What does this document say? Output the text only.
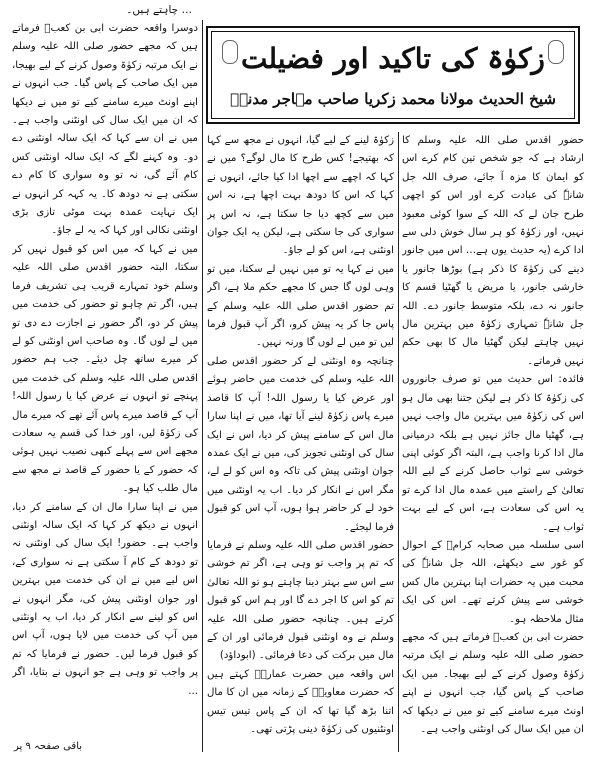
… چاہتے ہیں۔
زکوٰۃ کی تاکید اور فضیلت
شیخ الحدیث مولانا محمد زکریا صاحب مہاجر مدنیؒ

حضور اقدس صلی اللہ علیہ وسلم کا ارشاد ہے کہ جو شخص تین کام کرے اس کو ایمان کا مزہ آ جائے، صرف اللہ جل شانہٗ کی عبادت کرے اور اس کو اچھی طرح جان لے کہ اللہ کے سوا کوئی معبود نہیں، اور زکوٰۃ کو ہر سال خوش دلی سے ادا کرے (یہ حدیث یوں ہے… اس میں جانور دینے کی زکوٰۃ کا ذکر ہے) بوڑھا جانور یا خارشی جانور، یا مریض یا گھٹیا قسم کا جانور نہ دے، بلکہ متوسط جانور دے۔ اللہ جل شانہٗ تمہاری زکوٰۃ میں بہترین مال نہیں چاہتے لیکن گھٹیا مال کا بھی حکم نہیں فرماتے۔

فائدہ: اس حدیث میں تو صرف جانوروں کی زکوٰۃ کا ذکر ہے لیکن جتنا بھی مال ہو اس کی زکوٰۃ میں بہترین مال واجب نہیں ہے، گھٹیا مال جائز نہیں ہے بلکہ درمیانی مال ادا کرنا واجب ہے، البتہ اگر کوئی اپنی خوشی سے ثواب حاصل کرنے کے لیے اللہ تعالیٰ کے راستے میں عمدہ مال ادا کرے تو یہ اس کی سعادت ہے، اس کے لیے بہت ثواب ہے۔

اسی سلسلہ میں صحابہ کرامؓ کے احوال کو غور سے دیکھئے، اللہ جل شانہٗ کی محبت میں یہ حضرات اپنا بہترین مال کس خوشی سے پیش کرتے تھے۔ اس کی ایک مثال ملاحظہ ہو۔

حضرت ابی بن کعبؓ فرماتے ہیں کہ مجھے حضور صلی اللہ علیہ وسلم نے ایک مرتبہ زکوٰۃ وصول کرنے کے لیے بھیجا۔ میں ایک صاحب کے پاس گیا، جب انہوں نے اپنے اونٹ میرے سامنے کیے تو میں نے دیکھا کہ ان میں ایک سال کی اونٹنی واجب ہے۔

زکوٰۃ لینے کے لیے گیا، انہوں نے مجھ سے کہا کہ بھتیجے! کس طرح کا مال لوگے؟ میں نے کہا کہ اچھے سے اچھا ادا کیا جائے، انہوں نے کہا کہ اس کا دودھ بہت اچھا ہے، نہ اس میں سے کچھ دیا جا سکتا ہے، نہ اس پر سواری کی جا سکتی ہے، لیکن یہ ایک جوان اونٹنی ہے، اس کو لے جاؤ۔

میں نے کہا یہ تو میں نہیں لے سکتا، میں تو وہی لوں گا جس کا مجھے حکم ملا ہے، اگر تم حضور اقدس صلی اللہ علیہ وسلم کے پاس جا کر یہ پیش کرو، اگر آپ قبول فرما لیں تو میں لے لوں گا ورنہ نہیں۔

چنانچہ وہ اونٹنی لے کر حضور اقدس صلی اللہ علیہ وسلم کی خدمت میں حاضر ہوئے اور عرض کیا یا رسول اللہ! آپ کا قاصد میرے پاس زکوٰۃ لینے آیا تھا، میں نے اپنا سارا مال اس کے سامنے پیش کر دیا، اس نے ایک سال کی اونٹنی تجویز کی، میں نے ایک عمدہ جوان اونٹنی پیش کی تاکہ وہ اس کو لے لے، مگر اس نے انکار کر دیا۔ اب یہ اونٹنی میں خود لے کر حاضر ہوا ہوں، آپ اس کو قبول فرما لیجئے۔

حضور اقدس صلی اللہ علیہ وسلم نے فرمایا کہ تم پر واجب تو وہی ہے، اگر تم خوشی سے اس سے بہتر دینا چاہتے ہو تو اللہ تعالیٰ تم کو اس کا اجر دے گا اور ہم اس کو قبول کرتے ہیں۔ چنانچہ حضور صلی اللہ علیہ وسلم نے وہ اونٹنی قبول فرمائی اور ان کے مال میں برکت کی دعا فرمائی۔ (ابوداؤد)

اس واقعہ میں حضرت عمارہؓ کہتے ہیں کہ حضرت معاویہؓ کے زمانہ میں ان کا مال اتنا بڑھ گیا تھا کہ ان کے پاس تیس تیس اونٹنیوں کی زکوٰۃ دینی پڑتی تھی۔

دوسرا واقعہ حضرت ابی بن کعبؓ فرماتے ہیں کہ مجھے حضور صلی اللہ علیہ وسلم نے ایک مرتبہ زکوٰۃ وصول کرنے کے لیے بھیجا، میں ایک صاحب کے پاس گیا۔ جب انہوں نے اپنے اونٹ میرے سامنے کیے تو میں نے دیکھا کہ ان میں ایک سال کی اونٹنی واجب ہے۔ میں نے ان سے کہا کہ ایک سالہ اونٹنی دے دو۔ وہ کہنے لگے کہ ایک سالہ اونٹنی کس کام آئے گی، نہ تو وہ سواری کا کام دے سکتی ہے نہ دودھ کا۔ یہ کہہ کر انہوں نے ایک نہایت عمدہ بہت موٹی تازی بڑی اونٹنی نکالی اور کہا کہ یہ لے جاؤ۔

میں نے کہا کہ میں اس کو قبول نہیں کر سکتا، البتہ حضور اقدس صلی اللہ علیہ وسلم خود تمہارے قریب ہی تشریف فرما ہیں، اگر تم چاہو تو حضور کی خدمت میں پیش کر دو، اگر حضور نے اجازت دے دی تو میں لے لوں گا۔ وہ صاحب اس اونٹنی کو لے کر میرے ساتھ چل دیئے۔ جب ہم حضور اقدس صلی اللہ علیہ وسلم کی خدمت میں پہنچے تو انہوں نے عرض کیا یا رسول اللہ! آپ کے قاصد میرے پاس آئے تھے کہ میرے مال کی زکوٰۃ لیں، اور خدا کی قسم یہ سعادت مجھے اس سے پہلے کبھی نصیب نہیں ہوئی کہ حضور کے یا حضور کے قاصد نے مجھ سے مال طلب کیا ہو۔

میں نے اپنا سارا مال ان کے سامنے کر دیا، انہوں نے دیکھ کر کہا کہ ایک سالہ اونٹنی واجب ہے۔ حضور! ایک سال کی اونٹنی نہ تو دودھ کے کام آ سکتی ہے نہ سواری کے، اس لیے میں نے ان کی خدمت میں بہترین اور جوان اونٹنی پیش کی، مگر انہوں نے اس کو لینے سے انکار کر دیا، اب یہ اونٹنی میں آپ کی خدمت میں لایا ہوں، آپ اس کو قبول فرما لیں۔ حضور نے فرمایا کہ تم پر واجب تو وہی ہے جو انہوں نے بتایا، اگر ...

باقی صفحہ ۹ پر
